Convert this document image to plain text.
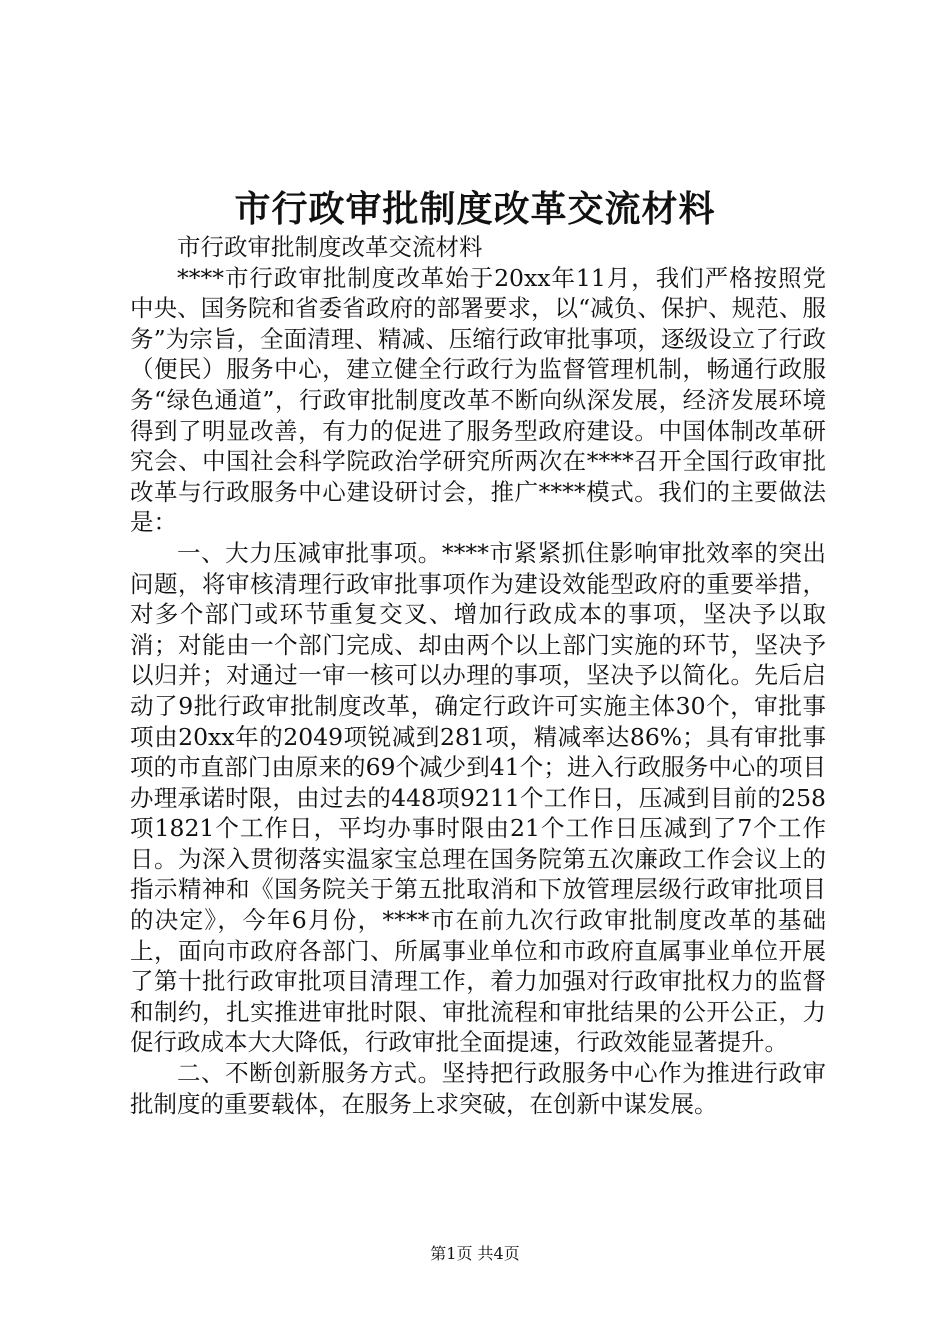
市行政审批制度改革交流材料

市行政审批制度改革交流材料

****市行政审批制度改革始于20xx年11月，我们严格按照党中央、国务院和省委省政府的部署要求，以“减负、保护、规范、服务”为宗旨，全面清理、精减、压缩行政审批事项，逐级设立了行政（便民）服务中心，建立健全行政行为监督管理机制，畅通行政服务“绿色通道”，行政审批制度改革不断向纵深发展，经济发展环境得到了明显改善，有力的促进了服务型政府建设。中国体制改革研究会、中国社会科学院政治学研究所两次在****召开全国行政审批改革与行政服务中心建设研讨会，推广****模式。我们的主要做法是：

一、大力压减审批事项。****市紧紧抓住影响审批效率的突出问题，将审核清理行政审批事项作为建设效能型政府的重要举措，对多个部门或环节重复交叉、增加行政成本的事项，坚决予以取消；对能由一个部门完成、却由两个以上部门实施的环节，坚决予以归并；对通过一审一核可以办理的事项，坚决予以简化。先后启动了9批行政审批制度改革，确定行政许可实施主体30个，审批事项由20xx年的2049项锐减到281项，精减率达86%；具有审批事项的市直部门由原来的69个减少到41个；进入行政服务中心的项目办理承诺时限，由过去的448项9211个工作日，压减到目前的258项1821个工作日，平均办事时限由21个工作日压减到了7个工作日。为深入贯彻落实温家宝总理在国务院第五次廉政工作会议上的指示精神和《国务院关于第五批取消和下放管理层级行政审批项目的决定》，今年6月份，****市在前九次行政审批制度改革的基础上，面向市政府各部门、所属事业单位和市政府直属事业单位开展了第十批行政审批项目清理工作，着力加强对行政审批权力的监督和制约，扎实推进审批时限、审批流程和审批结果的公开公正，力促行政成本大大降低，行政审批全面提速，行政效能显著提升。

二、不断创新服务方式。坚持把行政服务中心作为推进行政审批制度的重要载体，在服务上求突破，在创新中谋发展。

第1页 共4页
